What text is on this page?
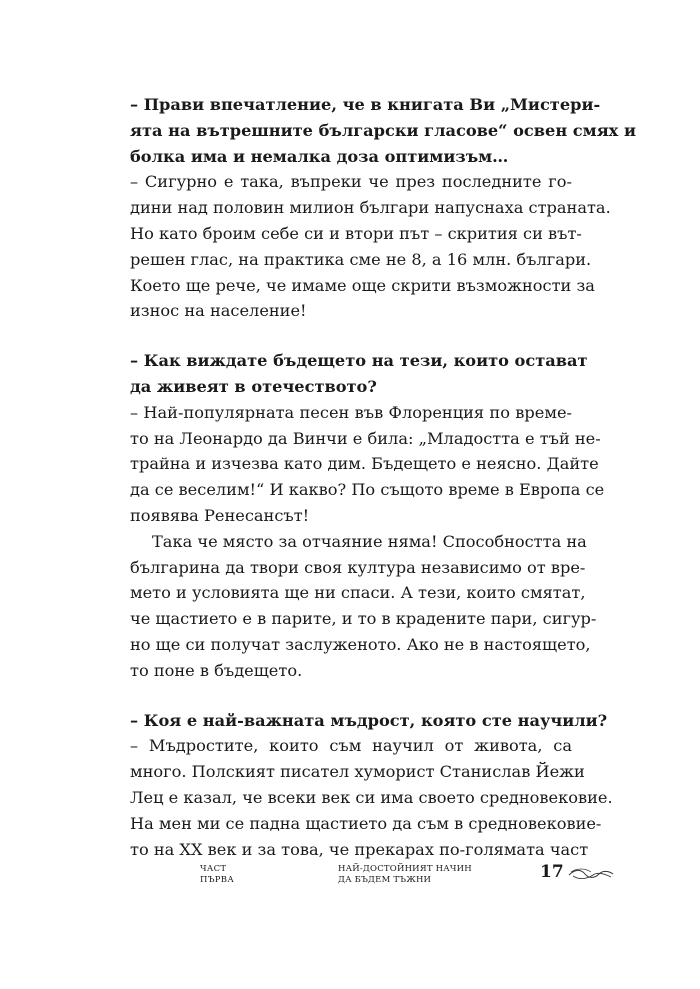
– Прави впечатление, че в книгата Ви „Мистери-
ята на вътрешните български гласове“ освен смях и
болка има и немалка доза оптимизъм…
– Сигурно е така, въпреки че през последните го-
дини над половин милион българи напуснаха страната.
Но като броим себе си и втори път – скрития си вът-
решен глас, на практика сме не 8, а 16 млн. българи.
Което ще рече, че имаме още скрити възможности за
износ на население!
– Как виждате бъдещето на тези, които остават
да живеят в отечеството?
– Най-популярната песен във Флоренция по време-
то на Леонардо да Винчи е била: „Младостта е тъй не-
трайна и изчезва като дим. Бъдещето е неясно. Дайте
да се веселим!“ И какво? По същото време в Европа се
появява Ренесансът!
Така че място за отчаяние няма! Способността на
българина да твори своя култура независимо от вре-
мето и условията ще ни спаси. А тези, които смятат,
че щастието е в парите, и то в крадените пари, сигур-
но ще си получат заслуженото. Ако не в настоящето,
то поне в бъдещето.
– Коя е най-важната мъдрост, която сте научили?
– Мъдростите, които съм научил от живота, са
много. Полският писател хуморист Станислав Йежи
Лец е казал, че всеки век си има своето средновековие.
На мен ми се падна щастието да съм в средновековие-
то на ХХ век и за това, че прекарах по-голямата част
ЧАСТ
ПЪРВА
НАЙ-ДОСТОЙНИЯТ НАЧИН
ДА БЪДЕМ ТЪЖНИ	17
